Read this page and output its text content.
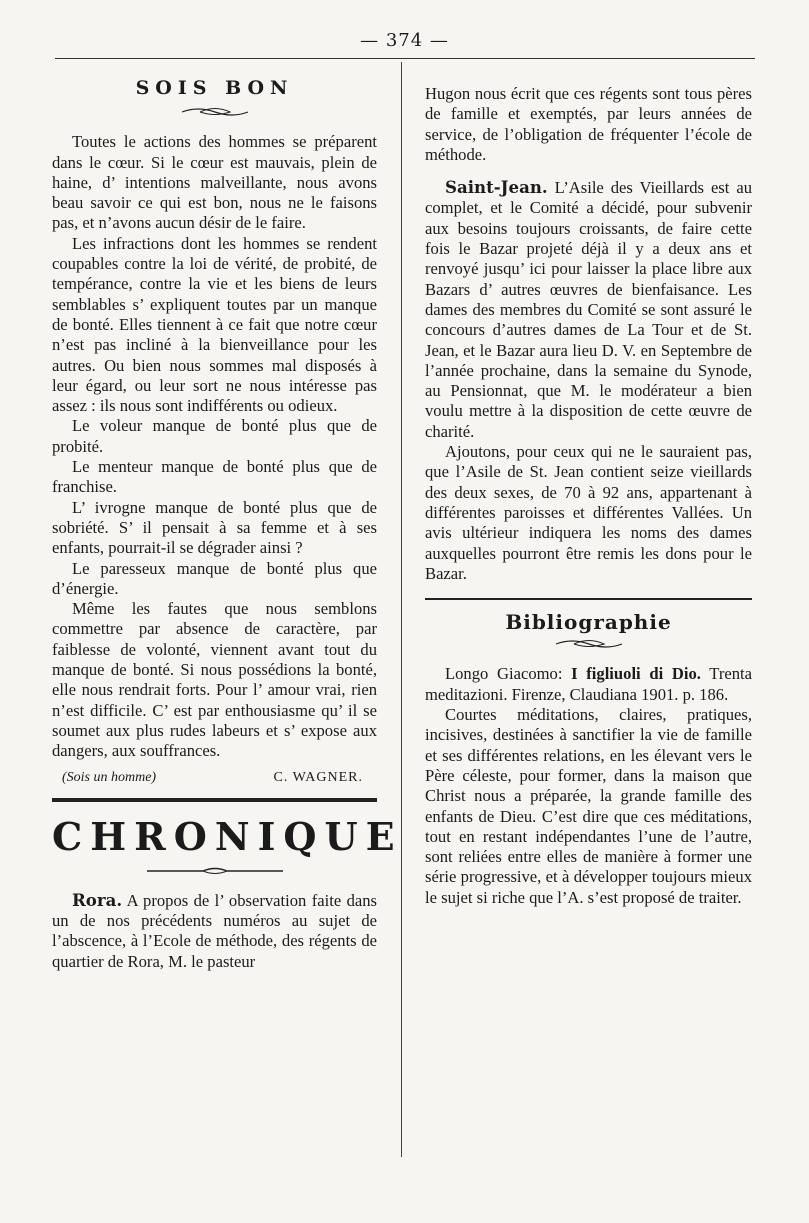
— 374 —
SOIS BON

Toutes le actions des hommes se préparent dans le cœur. Si le cœur est mauvais, plein de haine, d’ intentions malveillante, nous avons beau savoir ce qui est bon, nous ne le faisons pas, et n’avons aucun désir de le faire.

Les infractions dont les hommes se rendent coupables contre la loi de vérité, de probité, de tempérance, contre la vie et les biens de leurs semblables s’ expliquent toutes par un manque de bonté. Elles tiennent à ce fait que notre cœur n’est pas incliné à la bienveillance pour les autres. Ou bien nous sommes mal disposés à leur égard, ou leur sort ne nous intéresse pas assez : ils nous sont indifférents ou odieux.

Le voleur manque de bonté plus que de probité.

Le menteur manque de bonté plus que de franchise.

L’ ivrogne manque de bonté plus que de sobriété. S’ il pensait à sa femme et à ses enfants, pourrait-il se dégrader ainsi ?

Le paresseux manque de bonté plus que d’énergie.

Même les fautes que nous semblons commettre par absence de caractère, par faiblesse de volonté, viennent avant tout du manque de bonté. Si nous possédions la bonté, elle nous rendrait forts. Pour l’ amour vrai, rien n’est difficile. C’ est par enthousiasme qu’ il se soumet aux plus rudes labeurs et s’ expose aux dangers, aux souffrances.

(Sois un homme)	C. WAGNER.
CHRONIQUE

Rora. A propos de l’ observation faite dans un de nos précédents numéros au sujet de l’abscence, à l’Ecole de méthode, des régents de quartier de Rora, M. le pasteur

Hugon nous écrit que ces régents sont tous pères de famille et exemptés, par leurs années de service, de l’obligation de fréquenter l’école de méthode.

Saint-Jean. L’Asile des Vieillards est au complet, et le Comité a décidé, pour subvenir aux besoins toujours croissants, de faire cette fois le Bazar projeté déjà il y a deux ans et renvoyé jusqu’ ici pour laisser la place libre aux Bazars d’ autres œuvres de bienfaisance. Les dames des membres du Comité se sont assuré le concours d’autres dames de La Tour et de St. Jean, et le Bazar aura lieu D. V. en Septembre de l’année prochaine, dans la semaine du Synode, au Pensionnat, que M. le modérateur a bien voulu mettre à la disposition de cette œuvre de charité.

Ajoutons, pour ceux qui ne le sauraient pas, que l’Asile de St. Jean contient seize vieillards des deux sexes, de 70 à 92 ans, appartenant à différentes paroisses et différentes Vallées. Un avis ultérieur indiquera les noms des dames auxquelles pourront être remis les dons pour le Bazar.

Bibliographie

Longo Giacomo: I figliuoli di Dio. Trenta meditazioni. Firenze, Claudiana 1901. p. 186.

Courtes méditations, claires, pratiques, incisives, destinées à sanctifier la vie de famille et ses différentes relations, en les élevant vers le Père céleste, pour former, dans la maison que Christ nous a préparée, la grande famille des enfants de Dieu. C’est dire que ces méditations, tout en restant indépendantes l’une de l’autre, sont reliées entre elles de manière à former une série progressive, et à développer toujours mieux le sujet si riche que l’A. s’est proposé de traiter.
